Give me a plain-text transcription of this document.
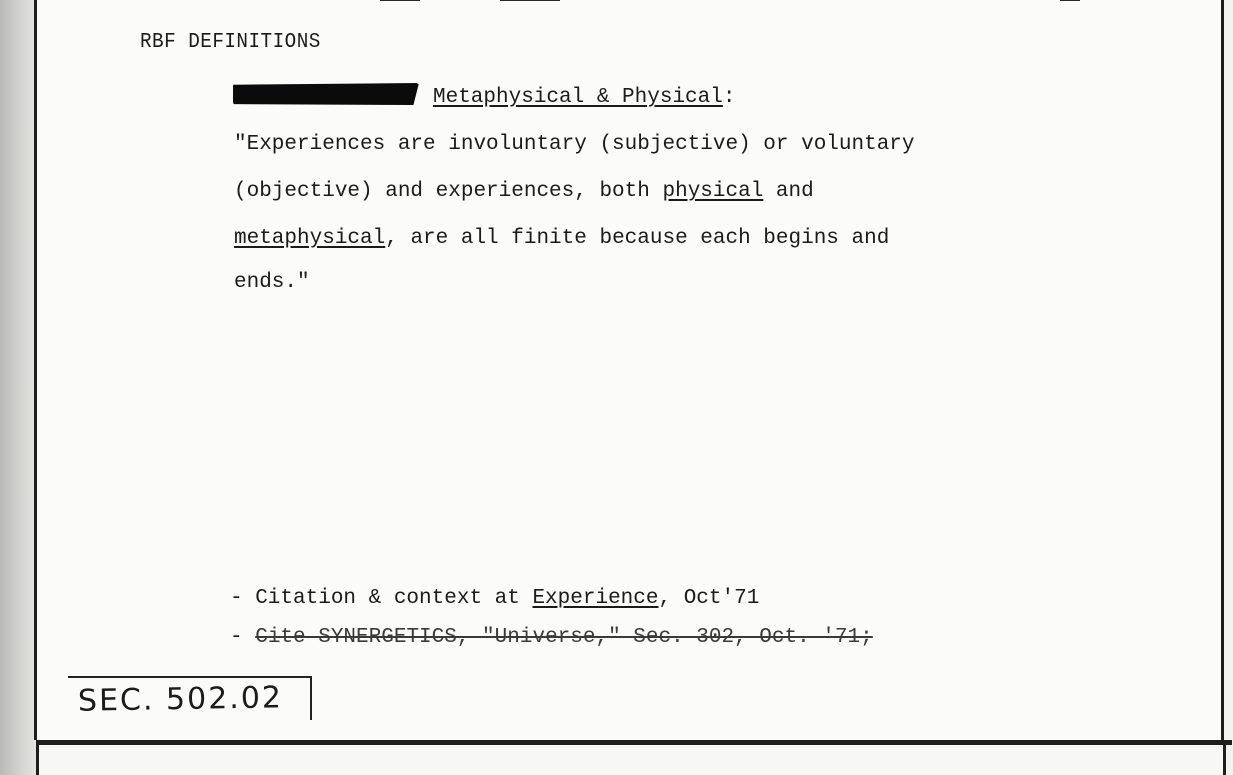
RBF DEFINITIONS
Metaphysical & Physical:
"Experiences are involuntary (subjective) or voluntary
(objective) and experiences, both physical and
metaphysical, are all finite because each begins and
ends."
- Citation & context at Experience, Oct'71
- Cite SYNERGETICS, "Universe," Sec. 302, Oct. '71;
SEC. 502.02
